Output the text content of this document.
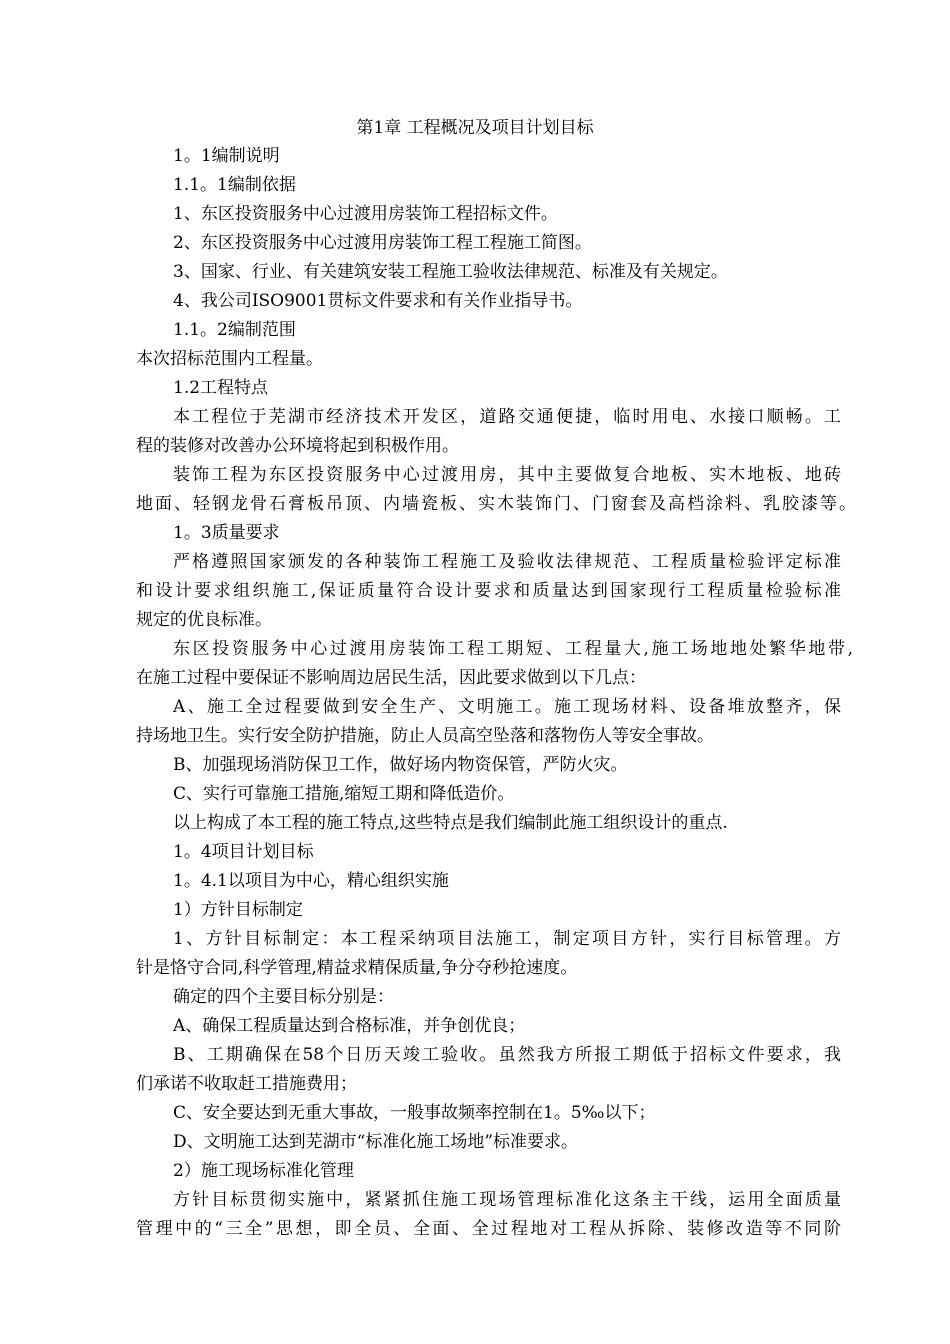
第1章 工程概况及项目计划目标
1。1编制说明
1.1。1编制依据
1、东区投资服务中心过渡用房装饰工程招标文件。
2、东区投资服务中心过渡用房装饰工程工程施工简图。
3、国家、行业、有关建筑安装工程施工验收法律规范、标准及有关规定。
4、我公司ISO9001贯标文件要求和有关作业指导书。
1.1。2编制范围
本次招标范围内工程量。
1.2工程特点
本工程位于芜湖市经济技术开发区，道路交通便捷，临时用电、水接口顺畅。工
程的装修对改善办公环境将起到积极作用。
装饰工程为东区投资服务中心过渡用房，其中主要做复合地板、实木地板、地砖
地面、轻钢龙骨石膏板吊顶、内墙瓷板、实木装饰门、门窗套及高档涂料、乳胶漆等。
1。3质量要求
严格遵照国家颁发的各种装饰工程施工及验收法律规范、工程质量检验评定标准
和设计要求组织施工,保证质量符合设计要求和质量达到国家现行工程质量检验标准
规定的优良标准。
东区投资服务中心过渡用房装饰工程工期短、工程量大,施工场地地处繁华地带,
在施工过程中要保证不影响周边居民生活，因此要求做到以下几点：
A、施工全过程要做到安全生产、文明施工。施工现场材料、设备堆放整齐，保
持场地卫生。实行安全防护措施，防止人员高空坠落和落物伤人等安全事故。
B、加强现场消防保卫工作，做好场内物资保管，严防火灾。
C、实行可靠施工措施,缩短工期和降低造价。
以上构成了本工程的施工特点,这些特点是我们编制此施工组织设计的重点.
1。4项目计划目标
1。4.1以项目为中心，精心组织实施
1）方针目标制定
1、方针目标制定：本工程采纳项目法施工，制定项目方针，实行目标管理。方
针是恪守合同,科学管理,精益求精保质量,争分夺秒抢速度。
确定的四个主要目标分别是：
A、确保工程质量达到合格标准，并争创优良；
B、工期确保在58个日历天竣工验收。虽然我方所报工期低于招标文件要求，我
们承诺不收取赶工措施费用；
C、安全要达到无重大事故，一般事故频率控制在1。5‰以下；
D、文明施工达到芜湖市“标准化施工场地”标准要求。
2）施工现场标准化管理
方针目标贯彻实施中，紧紧抓住施工现场管理标准化这条主干线，运用全面质量
管理中的“三全”思想，即全员、全面、全过程地对工程从拆除、装修改造等不同阶
